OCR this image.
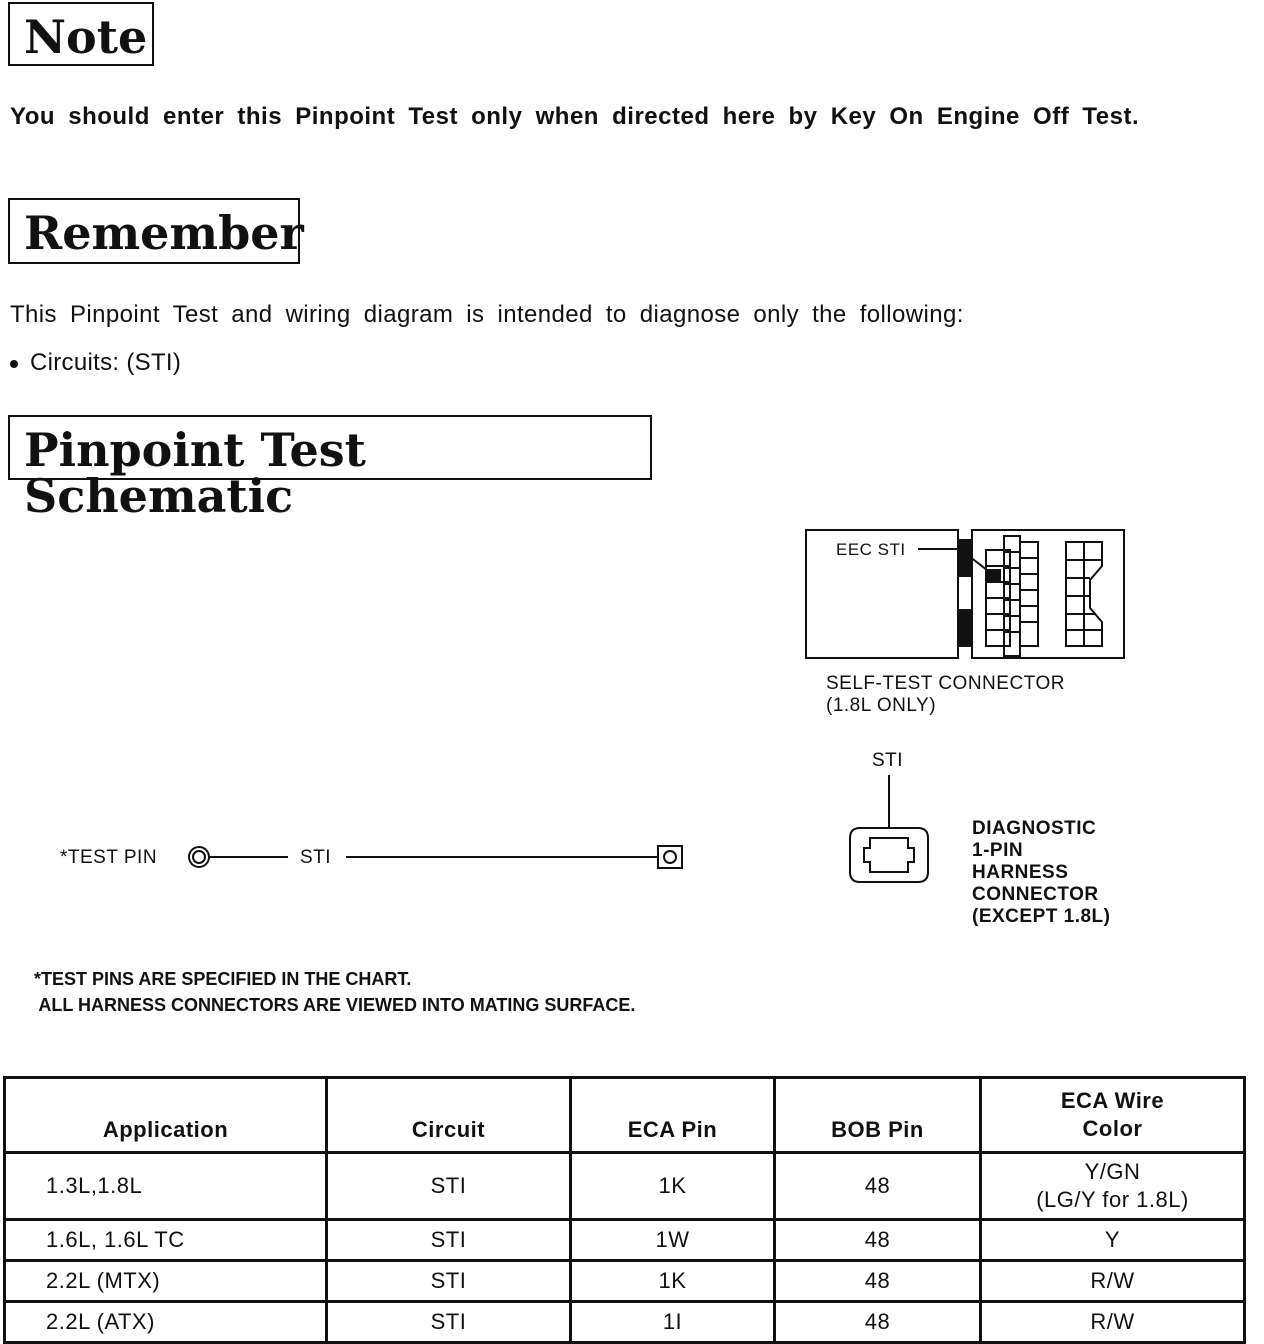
Note
You should enter this Pinpoint Test only when directed here by Key On Engine Off Test.
Remember
This Pinpoint Test and wiring diagram is intended to diagnose only the following:
Circuits: (STI)
Pinpoint Test Schematic
EEC STI
SELF-TEST CONNECTOR
(1.8L ONLY)
STI
DIAGNOSTIC
1-PIN
HARNESS
CONNECTOR
(EXCEPT 1.8L)
*TEST PIN	STI
*TEST PINS ARE SPECIFIED IN THE CHART.
ALL HARNESS CONNECTORS ARE VIEWED INTO MATING SURFACE.
Application	Circuit	ECA Pin	BOB Pin	ECA Wire
Color

1.3L,1.8L	STI	1K	48	Y/GN
(LG/Y for 1.8L)

1.6L, 1.6L TC	STI	1W	48	Y
2.2L (MTX)	STI	1K	48	R/W
2.2L (ATX)	STI	1I	48	R/W
